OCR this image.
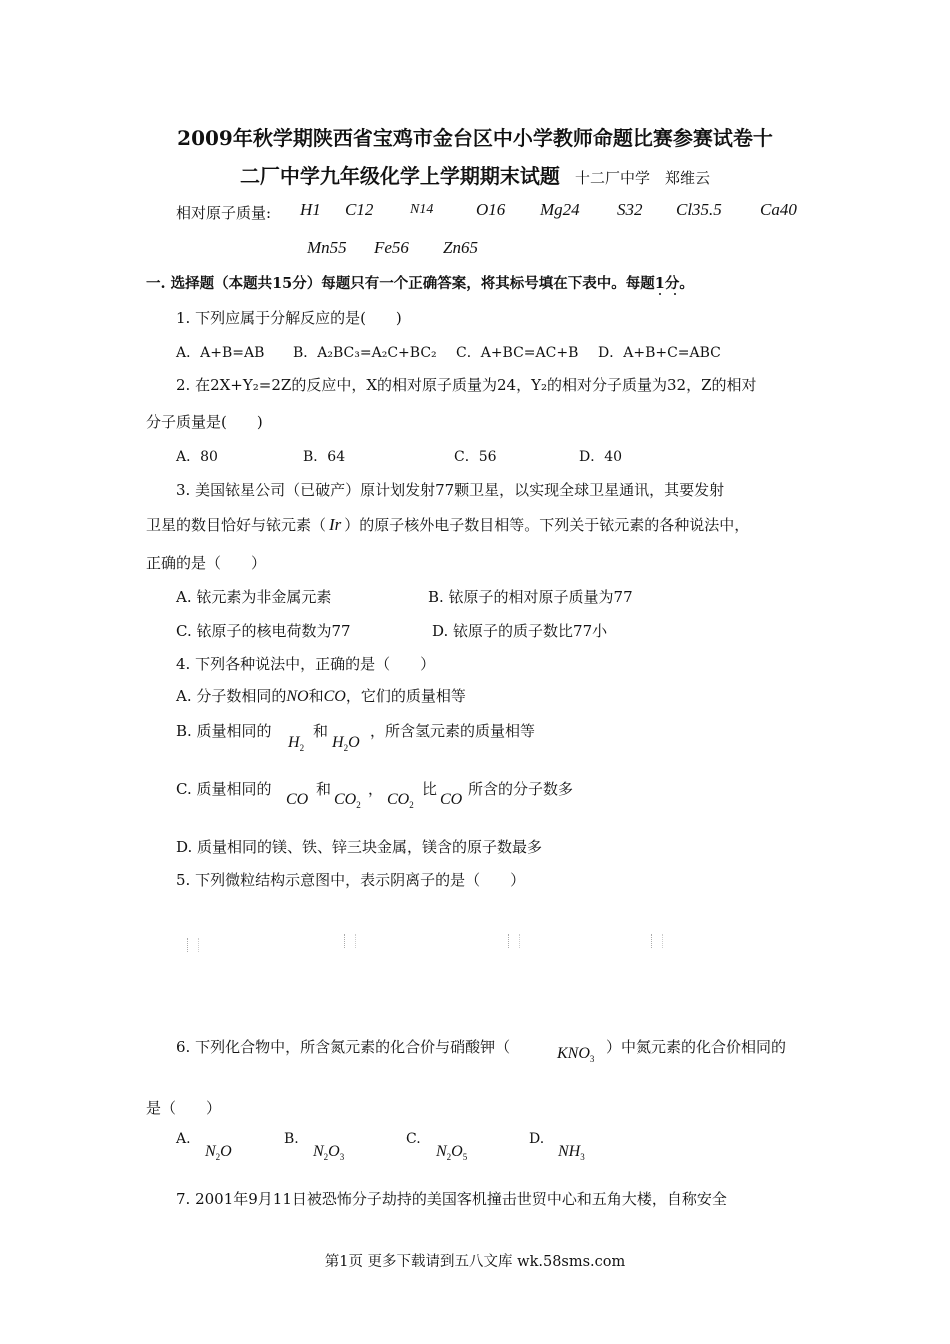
2009年秋学期陕西省宝鸡市金台区中小学教师命题比赛参赛试卷十
二厂中学九年级化学上学期期末试题 十二厂中学　郑维云
相对原子质量: H1 C12	N14	O16 Mg24 S32 Cl35.5 Ca40
Mn55 Fe56 Zn65
一. 选择题（本题共15分）每题只有一个正确答案，将其标号填在下表中。每题1分。
1. 下列应属于分解反应的是(　　)
A．A+B=AB B．A₂BC₃=A₂C+BC₂ C．A+BC=AC+B D．A+B+C=ABC
2. 在2X+Y₂=2Z的反应中，X的相对原子质量为24，Y₂的相对分子质量为32，Z的相对
分子质量是(　　)
A．80	B．64	C．56	D．40
3. 美国铱星公司（已破产）原计划发射77颗卫星，以实现全球卫星通讯，其要发射
卫星的数目恰好与铱元素（ Ir ）的原子核外电子数目相等。下列关于铱元素的各种说法中，
正确的是（　　）
A. 铱元素为非金属元素	B. 铱原子的相对原子质量为77
C. 铱原子的核电荷数为77	D. 铱原子的质子数比77小
4. 下列各种说法中，正确的是（　　）
A. 分子数相同的NO和CO，它们的质量相等
B. 质量相同的
$H_2$
和
$H_2O$
，所含氢元素的质量相等
C. 质量相同的
CO
和
$CO_2$
，
$CO_2$
比
CO
所含的分子数多
D. 质量相同的镁、铁、锌三块金属，镁含的原子数最多
5. 下列微粒结构示意图中，表示阴离子的是（　　）
6. 下列化合物中，所含氮元素的化合价与硝酸钾（	$KNO_3$
）中氮元素的化合价相同的
是（　　）
A.
$N_2O$
B.
$N_2O_3$
C.
$N_2O_5$
D.
$NH_3$
7. 2001年9月11日被恐怖分子劫持的美国客机撞击世贸中心和五角大楼，自称安全
第1页 更多下载请到五八文库 wk.58sms.com
